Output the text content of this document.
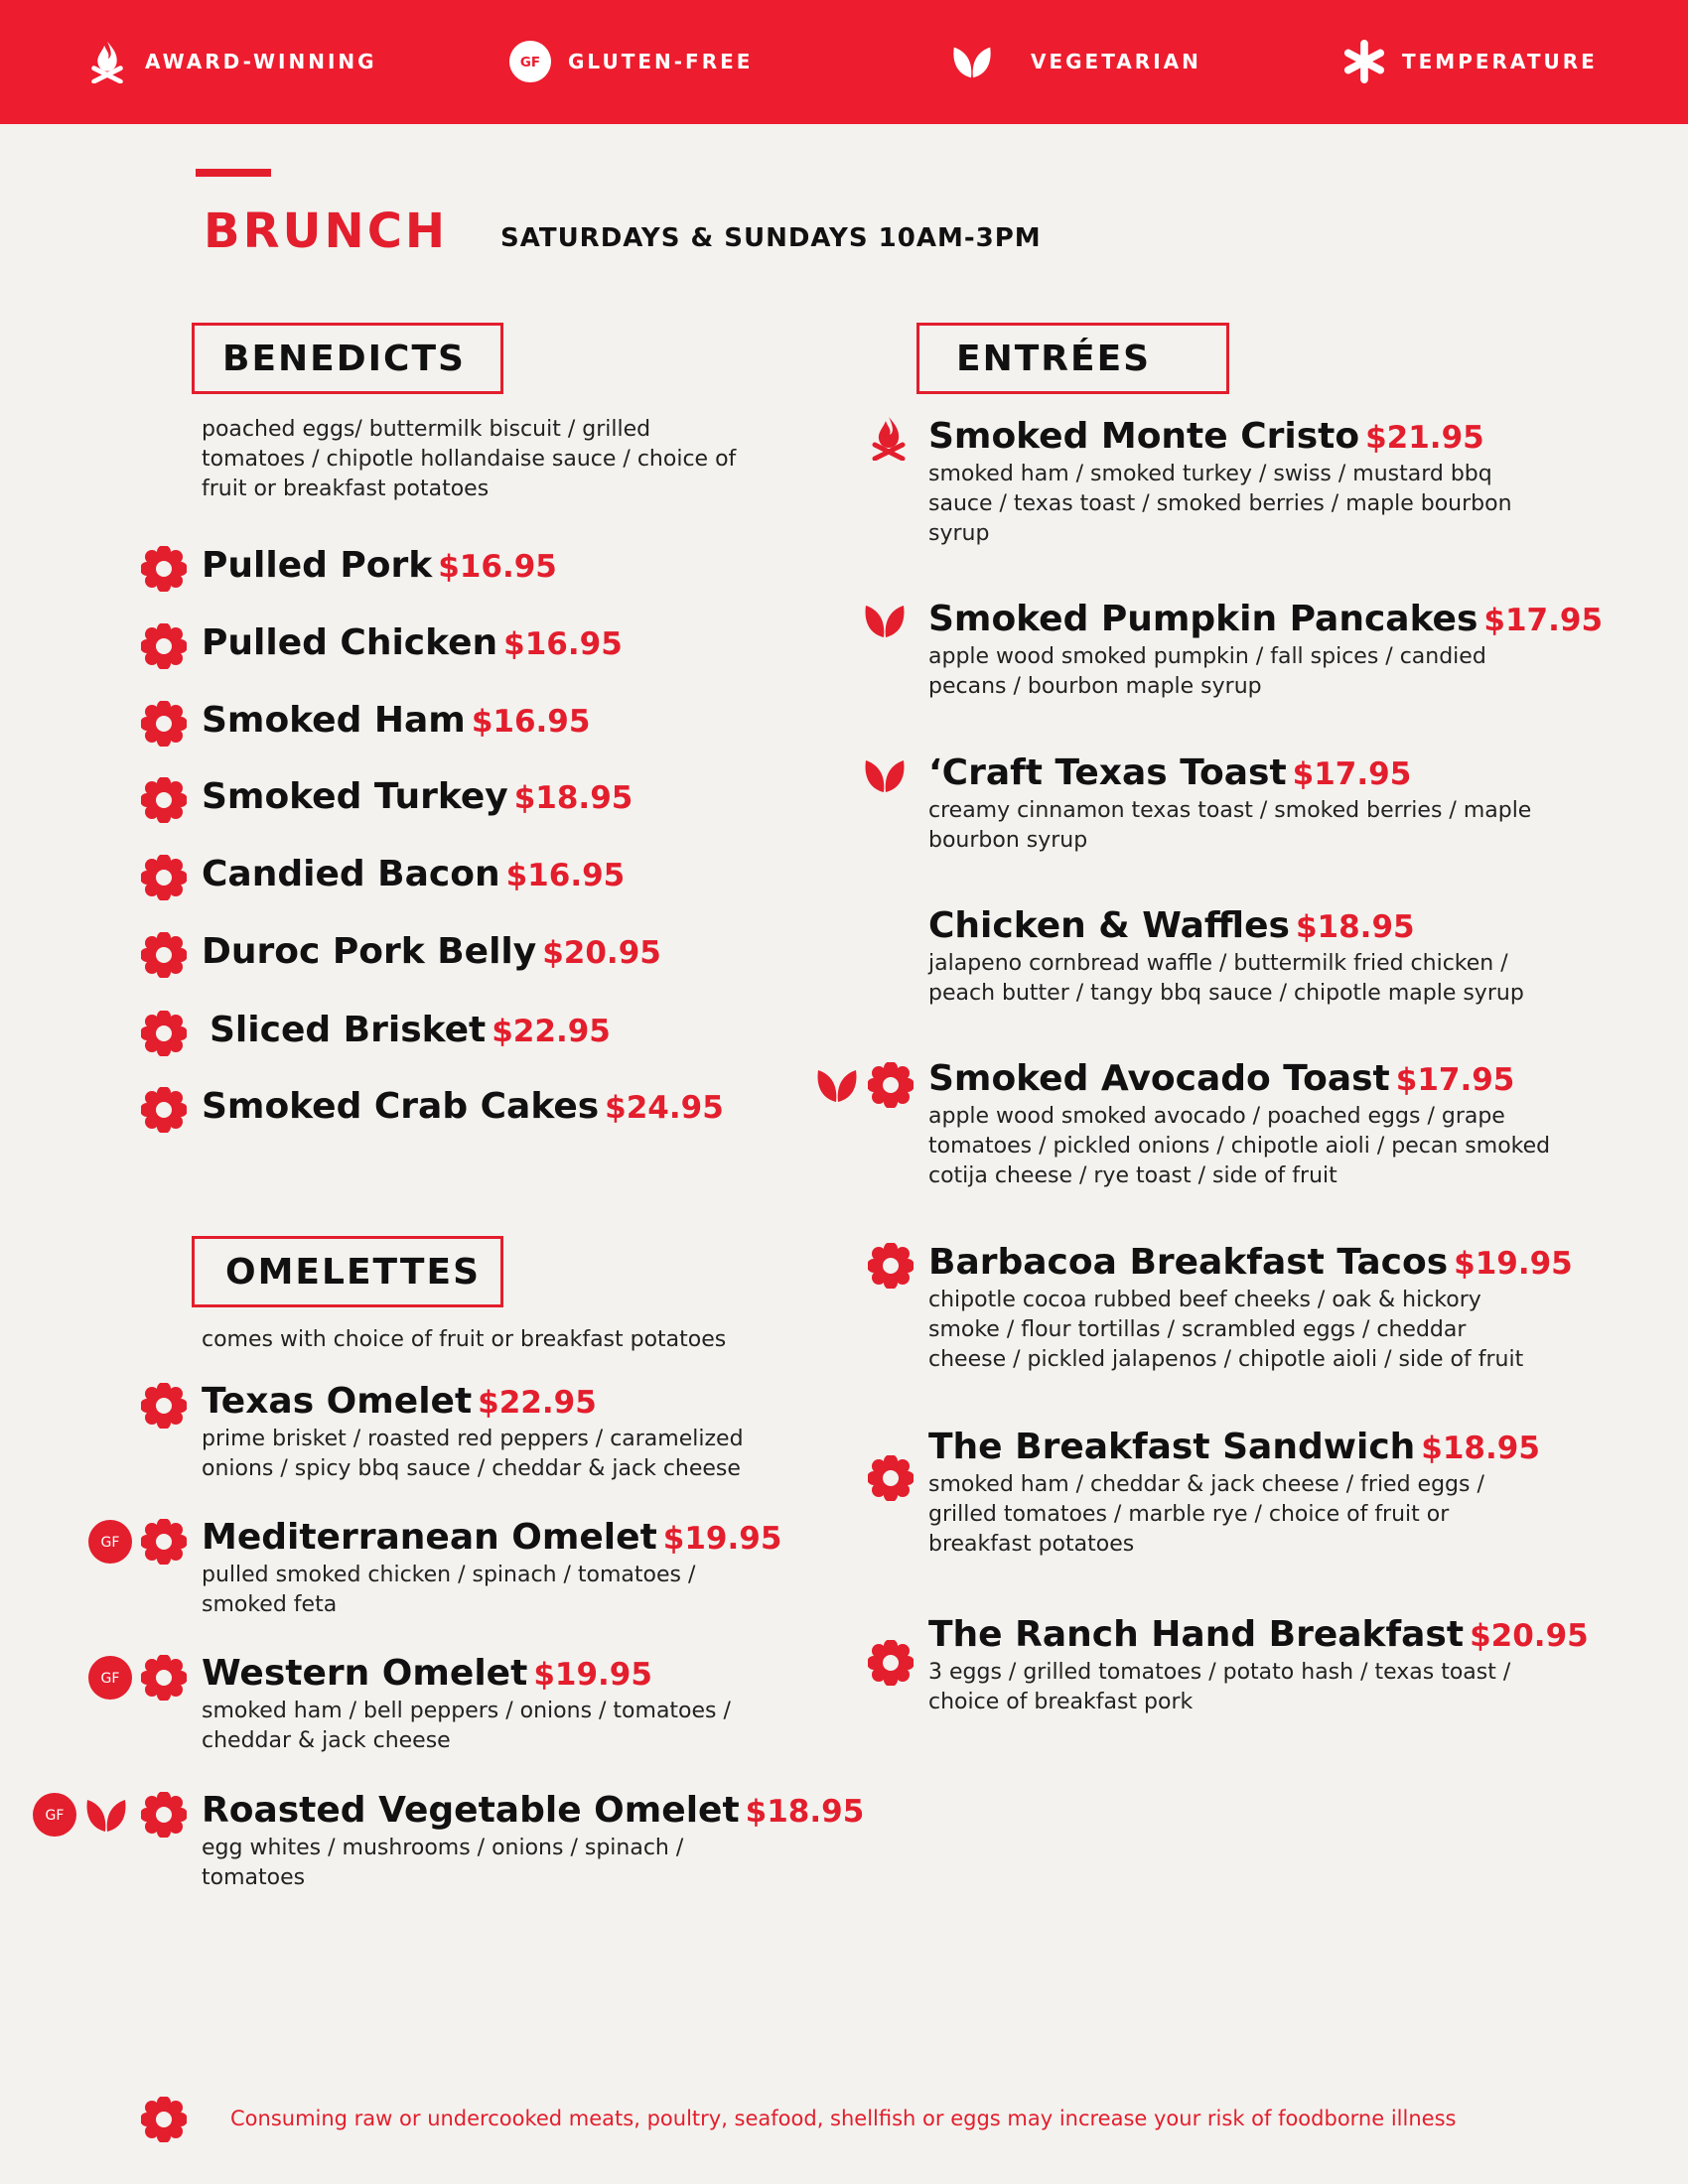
AWARD-WINNING	GF GLUTEN-FREE	VEGETARIAN	TEMPERATURE
BRUNCH SATURDAYS & SUNDAYS 10AM-3PM
BENEDICTS
poached eggs/ buttermilk biscuit / grilled
tomatoes / chipotle hollandaise sauce / choice of
fruit or breakfast potatoes
Pulled Pork $16.95
Pulled Chicken $16.95
Smoked Ham $16.95
Smoked Turkey $18.95
Candied Bacon $16.95
Duroc Pork Belly $20.95
Sliced Brisket $22.95
Smoked Crab Cakes $24.95
OMELETTES
comes with choice of fruit or breakfast potatoes
Texas Omelet $22.95
prime brisket / roasted red peppers / caramelized
onions / spicy bbq sauce / cheddar & jack cheese
Mediterranean Omelet $19.95
pulled smoked chicken / spinach / tomatoes /
smoked feta
Western Omelet $19.95
smoked ham / bell peppers / onions / tomatoes /
cheddar & jack cheese
Roasted Vegetable Omelet $18.95
egg whites / mushrooms / onions / spinach /
tomatoes
ENTRÉES
Smoked Monte Cristo $21.95
smoked ham / smoked turkey / swiss / mustard bbq
sauce / texas toast / smoked berries / maple bourbon
syrup
Smoked Pumpkin Pancakes $17.95
apple wood smoked pumpkin / fall spices / candied
pecans / bourbon maple syrup
‘Craft Texas Toast $17.95
creamy cinnamon texas toast / smoked berries / maple
bourbon syrup
Chicken & Waffles $18.95
jalapeno cornbread waffle / buttermilk fried chicken /
peach butter / tangy bbq sauce / chipotle maple syrup
Smoked Avocado Toast $17.95
apple wood smoked avocado / poached eggs / grape
tomatoes / pickled onions / chipotle aioli / pecan smoked
cotija cheese / rye toast / side of fruit
Barbacoa Breakfast Tacos $19.95
chipotle cocoa rubbed beef cheeks / oak & hickory
smoke / flour tortillas / scrambled eggs / cheddar
cheese / pickled jalapenos / chipotle aioli / side of fruit
The Breakfast Sandwich $18.95
smoked ham / cheddar & jack cheese / fried eggs /
grilled tomatoes / marble rye / choice of fruit or
breakfast potatoes
The Ranch Hand Breakfast $20.95
3 eggs / grilled tomatoes / potato hash / texas toast /
choice of breakfast pork
Consuming raw or undercooked meats, poultry, seafood, shellfish or eggs may increase your risk of foodborne illness
